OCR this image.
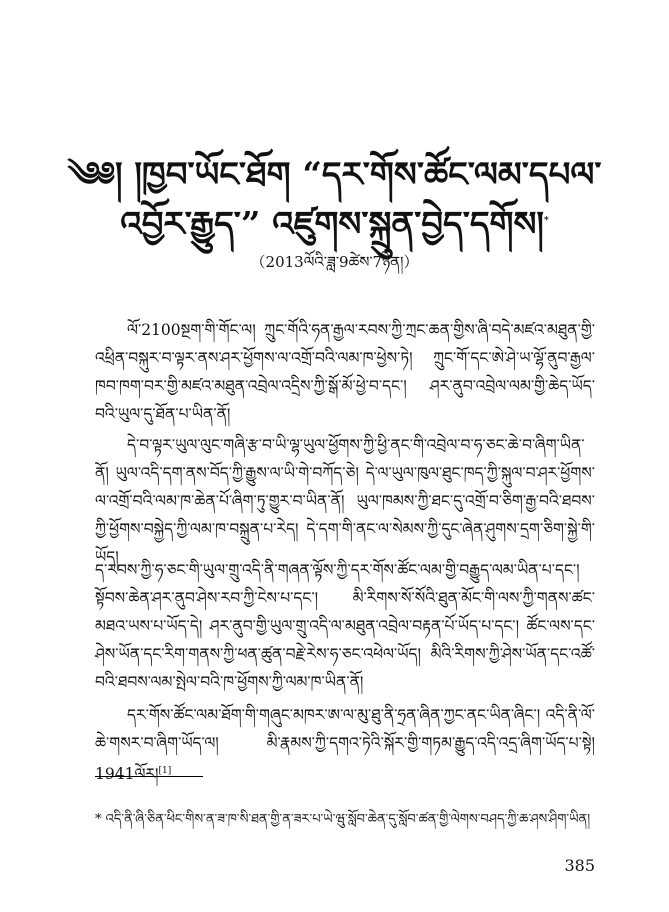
༄༅། །ཁྱབ་ཡོང་ཐོག “དར་གོས་ཚོང་ལམ་དཔལ་འབྱོར་རྒྱུད་” འཛུགས་སྐྲུན་བྱེད་དགོས།*
（2013ལོའི་ཟླ་9ཚེས་7ཉིན།）

ལོ་2100སྔག་གི་གོང་ལ། ཀྲུང་གོའི་ཧན་རྒྱལ་རབས་ཀྱི་ཀྲང་ཆན་གྱིས་ཞི་བདེ་མཛའ་མཐུན་གྱི་འཕྲིན་བསྐུར་བ་ལྟར་ནས་ཤར་ཕྱོགས་ལ་འགྲོ་བའི་ལམ་ཁ་ཕྱེས་ཏེ། ཀྲུང་གོ་དང་ཨེ་ཤེ་ཡ་ལྷོ་ནུབ་རྒྱལ་ཁབ་ཁག་བར་གྱི་མཛའ་མཐུན་འབྲེལ་འདྲིས་ཀྱི་སྒོ་མོ་ཕྱེ་བ་དང་། ཤར་ནུབ་འབྲེལ་ལམ་གྱི་ཆེད་ཡོད་བའི་ཡུལ་དུ་ཐོན་པ་ཡིན་ནོ།

དེ་བ་ལྟར་ཡུལ་ལུང་གཞི་རྩ་བ་ཡི་ལྷ་ཡུལ་ཕྱོགས་ཀྱི་ཕྱི་ནང་གི་འབྲེལ་བ་ཧ་ཅང་ཆེ་བ་ཞིག་ཡིན་ནོ། ཡུལ་འདི་དག་ནས་བོད་ཀྱི་རྒྱུས་ལ་ཡི་གེ་བཀོད་ཅེ། དེ་ལ་ཡུལ་ཁུལ་ཐུང་ཁད་ཀྱི་སྐུལ་བ་ཤར་ཕྱོགས་ལ་འགྲོ་བའི་ལམ་ཁ་ཆེན་པོ་ཞིག་ཏུ་གྱུར་བ་ཡིན་ནོ། ཡུལ་ཁམས་ཀྱི་ཐང་དུ་འགྲོ་བ་ཅིག་རྒྱ་བའི་ཐབས་ཀྱི་ཕྱོགས་བསྐྱེད་ཀྱི་ལམ་ཁ་བསྐྲུན་པ་རེད། དེ་དག་གི་ནང་ལ་སེམས་ཀྱི་དུང་ཞེན་ཤུགས་དྲག་ཅིག་སྐྱེ་གི་ཡོད།

ད་རབས་ཀྱི་ཧ་ཅང་གི་ཡུལ་གྲུ་འདི་ནི་གཞན་ལྟོས་ཀྱི་དར་གོས་ཚོང་ལམ་གྱི་བརྒྱུད་ལམ་ཡིན་པ་དང་། སྟོབས་ཆེན་ཤར་ནུབ་ཤེས་རབ་ཀྱི་ངེས་པ་དང་། མི་རིགས་སོ་སོའི་ཐུན་མོང་གི་ལས་ཀྱི་གནས་ཚང་མཐའ་ཡས་པ་ཡོད་དེ། ཤར་ནུབ་གྱི་ཡུལ་གྲུ་འདི་ལ་མཐུན་འབྲེལ་བརྟན་པོ་ཡོད་པ་དང་། ཚོང་ལས་དང་ཤེས་ཡོན་དང་རིག་གནས་ཀྱི་ཕན་ཚུན་བརྗེ་རེས་ཧ་ཅང་འཕེལ་ཡོད། མིའི་རིགས་ཀྱི་ཤེས་ཡོན་དང་འཚོ་བའི་ཐབས་ལམ་སྤེལ་བའི་ཁ་ཕྱོགས་ཀྱི་ལམ་ཁ་ཡིན་ནོ།

དར་གོས་ཚོང་ལམ་ཐོག་གི་གཞུང་མཁར་ཨ་ལ་མུ་ཐུ་ནི་ཧྲན་ཞིན་ཀྱང་ནང་ཡིན་ཞིང་། འདི་ནི་ལོ་ཆེ་གསར་བ་ཞིག་ཡོད་ལ། མི་རྣམས་ཀྱི་དགའ་ཏེའི་སྐོར་གྱི་གཏམ་རྒྱུད་འདི་འདྲ་ཞིག་ཡོད་པ་སྟེ། 1941ལོར།[1]

* འདི་ནི་ཞི་ཅིན་ཕིང་གིས་ན་ཟ་ཁ་སི་ཐན་གྱི་ན་ཟར་པ་ཡེ་ཝུ་སློབ་ཆེན་དུ་སློབ་ཚན་གྱི་ལེགས་བཤད་ཀྱི་ཆ་ཤས་ཤིག་ཡིན།
385
